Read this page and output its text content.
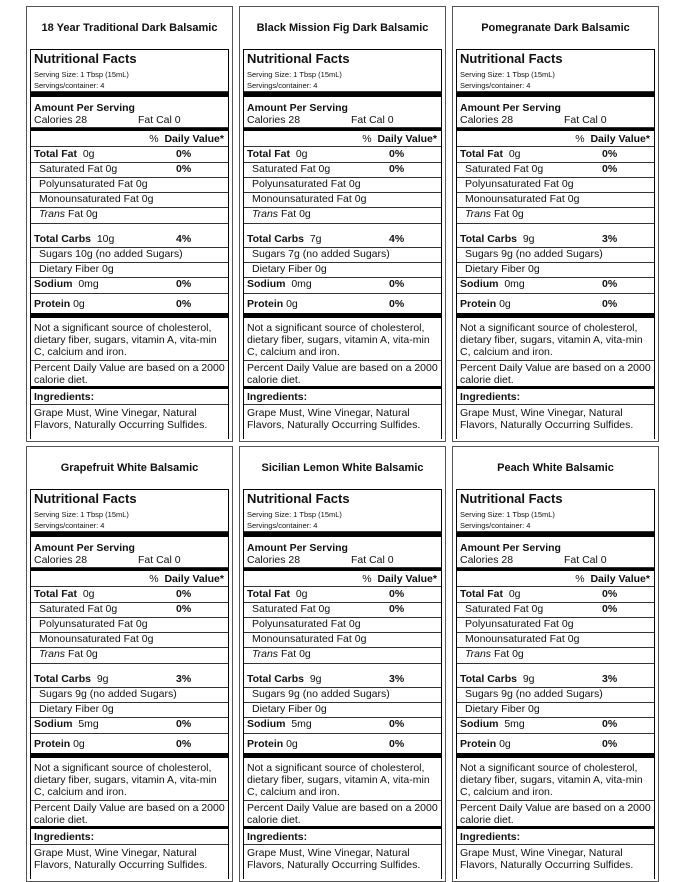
18 Year Traditional Dark Balsamic
Nutritional Facts
Serving Size: 1 Tbsp (15mL)
Servings/container: 4
Amount Per Serving
Calories 28	Fat Cal 0
% Daily Value*
Total Fat 0g	0%
Saturated Fat 0g	0%
Polyunsaturated Fat 0g
Monounsaturated Fat 0g
Trans Fat 0g
Total Carbs 10g	4%
Sugars 10g (no added Sugars)
Dietary Fiber 0g
Sodium 0mg	0%
Protein 0g	0%
Not a significant source of cholesterol, dietary fiber, sugars, vitamin A, vita-min C, calcium and iron.
Percent Daily Value are based on a 2000 calorie diet.
Ingredients:
Grape Must, Wine Vinegar, Natural Flavors, Naturally Occurring Sulfides.
Black Mission Fig Dark Balsamic
Nutritional Facts
Serving Size: 1 Tbsp (15mL)
Servings/container: 4
Amount Per Serving
Calories 28	Fat Cal 0
% Daily Value*
Total Fat 0g	0%
Saturated Fat 0g	0%
Polyunsaturated Fat 0g
Monounsaturated Fat 0g
Trans Fat 0g
Total Carbs 7g	4%
Sugars 7g (no added Sugars)
Dietary Fiber 0g
Sodium 0mg	0%
Protein 0g	0%
Not a significant source of cholesterol, dietary fiber, sugars, vitamin A, vita-min C, calcium and iron.
Percent Daily Value are based on a 2000 calorie diet.
Ingredients:
Grape Must, Wine Vinegar, Natural Flavors, Naturally Occurring Sulfides.
Pomegranate Dark Balsamic
Nutritional Facts
Serving Size: 1 Tbsp (15mL)
Servings/container: 4
Amount Per Serving
Calories 28	Fat Cal 0
% Daily Value*
Total Fat 0g	0%
Saturated Fat 0g	0%
Polyunsaturated Fat 0g
Monounsaturated Fat 0g
Trans Fat 0g
Total Carbs 9g	3%
Sugars 9g (no added Sugars)
Dietary Fiber 0g
Sodium 0mg	0%
Protein 0g	0%
Not a significant source of cholesterol, dietary fiber, sugars, vitamin A, vita-min C, calcium and iron.
Percent Daily Value are based on a 2000 calorie diet.
Ingredients:
Grape Must, Wine Vinegar, Natural Flavors, Naturally Occurring Sulfides.
Grapefruit White Balsamic
Nutritional Facts
Serving Size: 1 Tbsp (15mL)
Servings/container: 4
Amount Per Serving
Calories 28	Fat Cal 0
% Daily Value*
Total Fat 0g	0%
Saturated Fat 0g	0%
Polyunsaturated Fat 0g
Monounsaturated Fat 0g
Trans Fat 0g
Total Carbs 9g	3%
Sugars 9g (no added Sugars)
Dietary Fiber 0g
Sodium 5mg	0%
Protein 0g	0%
Not a significant source of cholesterol, dietary fiber, sugars, vitamin A, vita-min C, calcium and iron.
Percent Daily Value are based on a 2000 calorie diet.
Ingredients:
Grape Must, Wine Vinegar, Natural Flavors, Naturally Occurring Sulfides.
Sicilian Lemon White Balsamic
Nutritional Facts
Serving Size: 1 Tbsp (15mL)
Servings/container: 4
Amount Per Serving
Calories 28	Fat Cal 0
% Daily Value*
Total Fat 0g	0%
Saturated Fat 0g	0%
Polyunsaturated Fat 0g
Monounsaturated Fat 0g
Trans Fat 0g
Total Carbs 9g	3%
Sugars 9g (no added Sugars)
Dietary Fiber 0g
Sodium 5mg	0%
Protein 0g	0%
Not a significant source of cholesterol, dietary fiber, sugars, vitamin A, vita-min C, calcium and iron.
Percent Daily Value are based on a 2000 calorie diet.
Ingredients:
Grape Must, Wine Vinegar, Natural Flavors, Naturally Occurring Sulfides.
Peach White Balsamic
Nutritional Facts
Serving Size: 1 Tbsp (15mL)
Servings/container: 4
Amount Per Serving
Calories 28	Fat Cal 0
% Daily Value*
Total Fat 0g	0%
Saturated Fat 0g	0%
Polyunsaturated Fat 0g
Monounsaturated Fat 0g
Trans Fat 0g
Total Carbs 9g	3%
Sugars 9g (no added Sugars)
Dietary Fiber 0g
Sodium 5mg	0%
Protein 0g	0%
Not a significant source of cholesterol, dietary fiber, sugars, vitamin A, vita-min C, calcium and iron.
Percent Daily Value are based on a 2000 calorie diet.
Ingredients:
Grape Must, Wine Vinegar, Natural Flavors, Naturally Occurring Sulfides.
